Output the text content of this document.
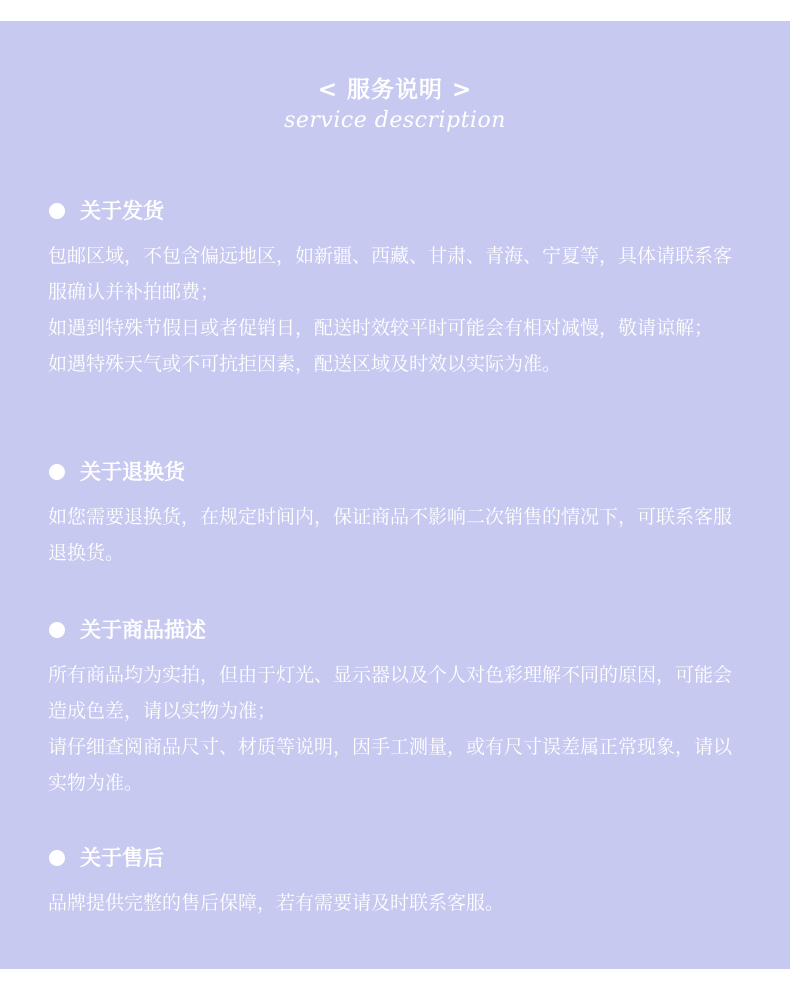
< 服务说明 >
service description
关于发货

包邮区域，不包含偏远地区，如新疆、西藏、甘肃、青海、宁夏等，具体请联系客服确认并补拍邮费；

如遇到特殊节假日或者促销日，配送时效较平时可能会有相对减慢，敬请谅解；

如遇特殊天气或不可抗拒因素，配送区域及时效以实际为准。

关于退换货

如您需要退换货，在规定时间内，保证商品不影响二次销售的情况下，可联系客服退换货。

关于商品描述

所有商品均为实拍，但由于灯光、显示器以及个人对色彩理解不同的原因，可能会造成色差，请以实物为准；

请仔细查阅商品尺寸、材质等说明，因手工测量，或有尺寸误差属正常现象，请以实物为准。

关于售后

品牌提供完整的售后保障，若有需要请及时联系客服。
